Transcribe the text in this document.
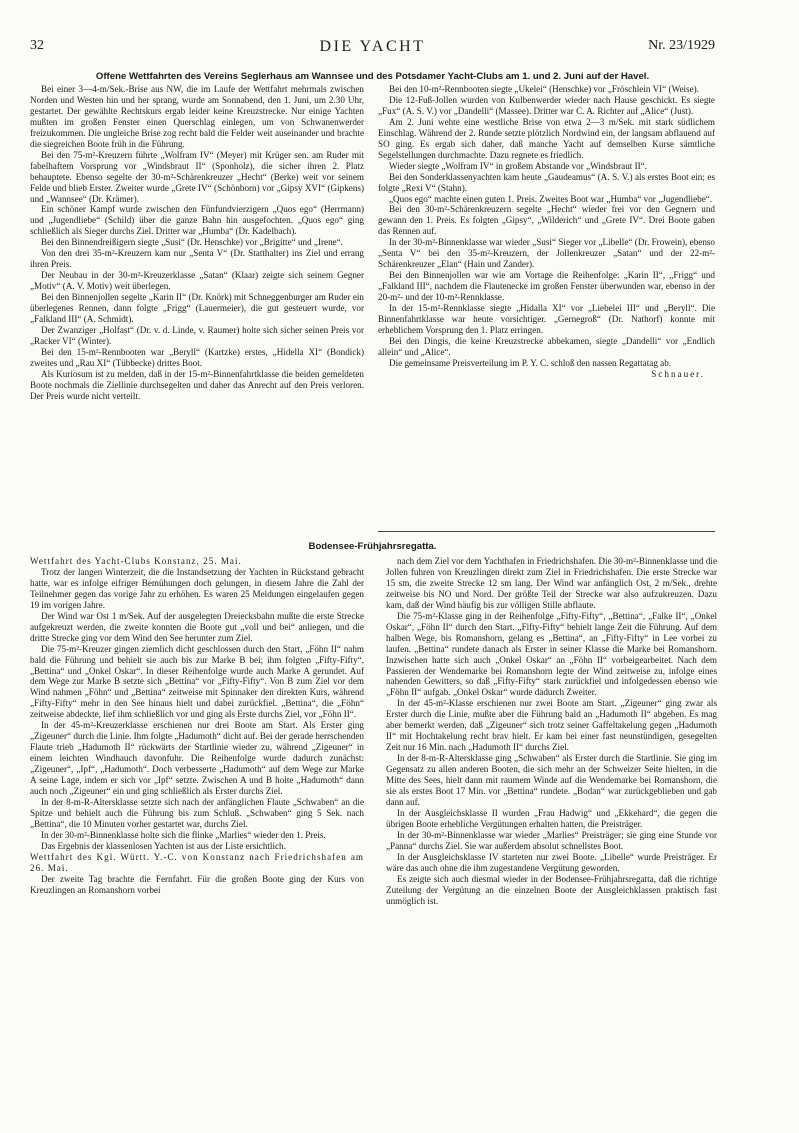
32	DIE YACHT	Nr. 23/1929
Offene Wettfahrten des Vereins Seglerhaus am Wannsee und des Potsdamer Yacht-Clubs am 1. und 2. Juni auf der Havel.

Bei einer 3—4-m/Sek.-Brise aus NW, die im Laufe der Wettfahrt mehrmals zwischen Norden und Westen hin und her sprang, wurde am Sonnabend, den 1. Juni, um 2.30 Uhr, gestartet. Der gewählte Rechtskurs ergab leider keine Kreuzstrecke. Nur einige Yachten mußten im großen Fenster einen Querschlag einlegen, um von Schwanenwerder freizukommen. Die ungleiche Brise zog recht bald die Felder weit auseinander und brachte die siegreichen Boote früh in die Führung.

Bei den 75-m²-Kreuzern führte „Wolfram IV“ (Meyer) mit Krüger sen. am Ruder mit fabelhaftem Vorsprung vor „Windsbraut II“ (Sponholz), die sicher ihren 2. Platz behauptete. Ebenso segelte der 30-m²-Schärenkreuzer „Hecht“ (Berke) weit vor seinem Felde und blieb Erster. Zweiter wurde „Grete IV“ (Schönborn) vor „Gipsy XVI“ (Gipkens) und „Wannsee“ (Dr. Krämer).

Ein schöner Kampf wurde zwischen den Fünfundvierzigern „Quos ego“ (Herrmann) und „Jugendliebe“ (Schild) über die ganze Bahn hin ausgefochten. „Quos ego“ ging schließlich als Sieger durchs Ziel. Dritter war „Humba“ (Dr. Kadelbach).

Bei den Binnendreißigern siegte „Susi“ (Dr. Henschke) vor „Brigitte“ und „Irene“.

Von den drei 35-m²-Kreuzern kam nur „Senta V“ (Dr. Statthalter) ins Ziel und errang ihren Preis.

Der Neubau in der 30-m²-Kreuzerklasse „Satan“ (Klaar) zeigte sich seinem Gegner „Motiv“ (A. V. Motiv) weit überlegen.

Bei den Binnenjollen segelte „Karin II“ (Dr. Knörk) mit Schneggenburger am Ruder ein überlegenes Rennen, dann folgte „Frigg“ (Lauermeier), die gut gesteuert wurde, vor „Falkland III“ (A. Schmidt).

Der Zwanziger „Holfast“ (Dr. v. d. Linde, v. Raumer) holte sich sicher seinen Preis vor „Racker VI“ (Winter).

Bei den 15-m²-Rennbooten war „Beryll“ (Kartzke) erstes, „Hidella XI“ (Bondick) zweites und „Rau XI“ (Tübbecke) drittes Boot.

Als Kuriosum ist zu melden, daß in der 15-m²-Binnenfahrtklasse die beiden gemeldeten Boote nochmals die Ziellinie durchsegelten und daher das Anrecht auf den Preis verloren. Der Preis wurde nicht verteilt.

Bei den 10-m²-Rennbooten siegte „Ukelei“ (Henschke) vor „Fröschlein VI“ (Weise).

Die 12-Fuß-Jollen wurden von Kulbenwerder wieder nach Hause geschickt. Es siegte „Fux“ (A. S. V.) vor „Dandelli“ (Massee). Dritter war C. A. Richter auf „Alice“ (Just).

Am 2. Juni wehte eine westliche Brise von etwa 2—3 m/Sek. mit stark südlichem Einschlag. Während der 2. Runde setzte plötzlich Nordwind ein, der langsam abflauend auf SO ging. Es ergab sich daher, daß manche Yacht auf demselben Kurse sämtliche Segelstellungen durchmachte. Dazu regnete es friedlich.

Wieder siegte „Wolfram IV“ in großem Abstande vor „Windsbraut II“.

Bei den Sonderklassenyachten kam heute „Gaudeamus“ (A. S. V.) als erstes Boot ein; es folgte „Rexi V“ (Stahn).

„Quos ego“ machte einen guten 1. Preis. Zweites Boot war „Humba“ vor „Jugendliebe“.

Bei den 30-m²-Schärenkreuzern segelte „Hecht“ wieder frei vor den Gegnern und gewann den 1. Preis. Es folgten „Gipsy“, „Wilderich“ und „Grete IV“. Drei Boote gaben das Rennen auf.

In der 30-m²-Binnenklasse war wieder „Susi“ Sieger vor „Libelle“ (Dr. Frowein), ebenso „Senta V“ bei den 35-m²-Kreuzern, der Jollenkreuzer „Satan“ und der 22-m²-Schärenkreuzer „Elan“ (Hain und Zander).

Bei den Binnenjollen war wie am Vortage die Reihenfolge: „Karin II“, „Frigg“ und „Falkland III“, nachdem die Flautenecke im großen Fenster überwunden war, ebenso in der 20-m²- und der 10-m²-Rennklasse.

In der 15-m²-Rennklasse siegte „Hidalla XI“ vor „Liebelei III“ und „Beryll“. Die Binnenfahrtklasse war heute vorsichtiger. „Gernegroß“ (Dr. Nathorf) konnte mit erheblichem Vorsprung den 1. Platz erringen.

Bei den Dingis, die keine Kreuzstrecke abbekamen, siegte „Dandelli“ vor „Endlich allein“ und „Alice“.

Die gemeinsame Preisverteilung im P. Y. C. schloß den nassen Regattatag ab.

Schnauer.

Bodensee-Frühjahrsregatta.

Wettfahrt des Yacht-Clubs Konstanz, 25. Mai.

Trotz der langen Winterzeit, die die Instandsetzung der Yachten in Rückstand gebracht hatte, war es infolge eifriger Bemühungen doch gelungen, in diesem Jahre die Zahl der Teilnehmer gegen das vorige Jahr zu erhöhen. Es waren 25 Meldungen eingelaufen gegen 19 im vorigen Jahre.

Der Wind war Ost 1 m/Sek. Auf der ausgelegten Dreiecksbahn mußte die erste Strecke aufgekreuzt werden, die zweite konnten die Boote gut „voll und bei“ anliegen, und die dritte Strecke ging vor dem Wind den See herunter zum Ziel.

Die 75-m²-Kreuzer gingen ziemlich dicht geschlossen durch den Start, „Föhn II“ nahm bald die Führung und behielt sie auch bis zur Marke B bei; ihm folgten „Fifty-Fifty“, „Bettina“ und „Onkel Oskar“. In dieser Reihenfolge wurde auch Marke A gerundet. Auf dem Wege zur Marke B setzte sich „Bettina“ vor „Fifty-Fifty“. Von B zum Ziel vor dem Wind nahmen „Föhn“ und „Bettina“ zeitweise mit Spinnaker den direkten Kurs, während „Fifty-Fifty“ mehr in den See hinaus hielt und dabei zurückfiel. „Bettina“, die „Föhn“ zeitweise abdeckte, lief ihm schließlich vor und ging als Erste durchs Ziel, vor „Föhn II“.

In der 45-m²-Kreuzerklasse erschienen nur drei Boote am Start. Als Erster ging „Zigeuner“ durch die Linie. Ihm folgte „Hadumoth“ dicht auf. Bei der gerade herrschenden Flaute trieb „Hadumoth II“ rückwärts der Startlinie wieder zu, während „Zigeuner“ in einem leichten Windhauch davonfuhr. Die Reihenfolge wurde dadurch zunächst: „Zigeuner“, „Ipf“, „Hadumoth“. Doch verbesserte „Hadumoth“ auf dem Wege zur Marke A seine Lage, indem er sich vor „Ipf“ setzte. Zwischen A und B holte „Hadumoth“ dann auch noch „Zigeuner“ ein und ging schließlich als Erster durchs Ziel.

In der 8-m-R-Altersklasse setzte sich nach der anfänglichen Flaute „Schwaben“ an die Spitze und behielt auch die Führung bis zum Schluß. „Schwaben“ ging 5 Sek. nach „Bettina“, die 10 Minuten vorher gestartet war, durchs Ziel.

In der 30-m²-Binnenklasse holte sich die flinke „Marlies“ wieder den 1. Preis.

Das Ergebnis der klassenlosen Yachten ist aus der Liste ersichtlich.

Wettfahrt des Kgl. Württ. Y.-C. von Konstanz nach Friedrichshafen am 26. Mai.

Der zweite Tag brachte die Fernfahrt. Für die großen Boote ging der Kurs von Kreuzlingen an Romanshorn vorbei

nach dem Ziel vor dem Yachthafen in Friedrichshafen. Die 30-m²-Binnenklasse und die Jollen fuhren von Kreuzlingen direkt zum Ziel in Friedrichshafen. Die erste Strecke war 15 sm, die zweite Strecke 12 sm lang. Der Wind war anfänglich Ost, 2 m/Sek., drehte zeitweise bis NO und Nord. Der größte Teil der Strecke war also aufzukreuzen. Dazu kam, daß der Wind häufig bis zur völligen Stille abflaute.

Die 75-m²-Klasse ging in der Reihenfolge „Fifty-Fifty“, „Bettina“, „Falke II“, „Onkel Oskar“, „Föhn II“ durch den Start. „Fifty-Fifty“ behielt lange Zeit die Führung. Auf dem halben Wege, bis Romanshorn, gelang es „Bettina“, an „Fifty-Fifty“ in Lee vorbei zu laufen. „Bettina“ rundete danach als Erster in seiner Klasse die Marke bei Romanshorn. Inzwischen hatte sich auch „Onkel Oskar“ an „Föhn II“ vorbeigearbeitet. Nach dem Passieren der Wendemarke bei Romanshorn legte der Wind zeitweise zu, infolge eines nahenden Gewitters, so daß „Fifty-Fifty“ stark zurückfiel und infolgedessen ebenso wie „Föhn II“ aufgab. „Onkel Oskar“ wurde dadurch Zweiter.

In der 45-m²-Klasse erschienen nur zwei Boote am Start. „Zigeuner“ ging zwar als Erster durch die Linie, mußte aber die Führung bald an „Hadumoth II“ abgeben. Es mag aber bemerkt werden, daß „Zigeuner“ sich trotz seiner Gaffeltakelung gegen „Hadumoth II“ mit Hochtakelung recht brav hielt. Er kam bei einer fast neunstündigen, gesegelten Zeit nur 16 Min. nach „Hadumoth II“ durchs Ziel.

In der 8-m-R-Altersklasse ging „Schwaben“ als Erster durch die Startlinie. Sie ging im Gegensatz zu allen anderen Booten, die sich mehr an der Schweizer Seite hielten, in die Mitte des Sees, hielt dann mit raumem Winde auf die Wendemarke bei Romanshorn, die sie als erstes Boot 17 Min. vor „Bettina“ rundete. „Bodan“ war zurückgeblieben und gab dann auf.

In der Ausgleichsklasse II wurden „Frau Hadwig“ und „Ekkehard“, die gegen die übrigen Boote erhebliche Vergütungen erhalten hatten, die Preisträger.

In der 30-m²-Binnenklasse war wieder „Marlies“ Preisträger; sie ging eine Stunde vor „Panna“ durchs Ziel. Sie war außerdem absolut schnellstes Boot.

In der Ausgleichsklasse IV starteten nur zwei Boote. „Libelle“ wurde Preisträger. Er wäre das auch ohne die ihm zugestandene Vergütung geworden.

Es zeigte sich auch diesmal wieder in der Bodensee-Frühjahrsregatta, daß die richtige Zuteilung der Vergütung an die einzelnen Boote der Ausgleichklassen praktisch fast unmöglich ist.
